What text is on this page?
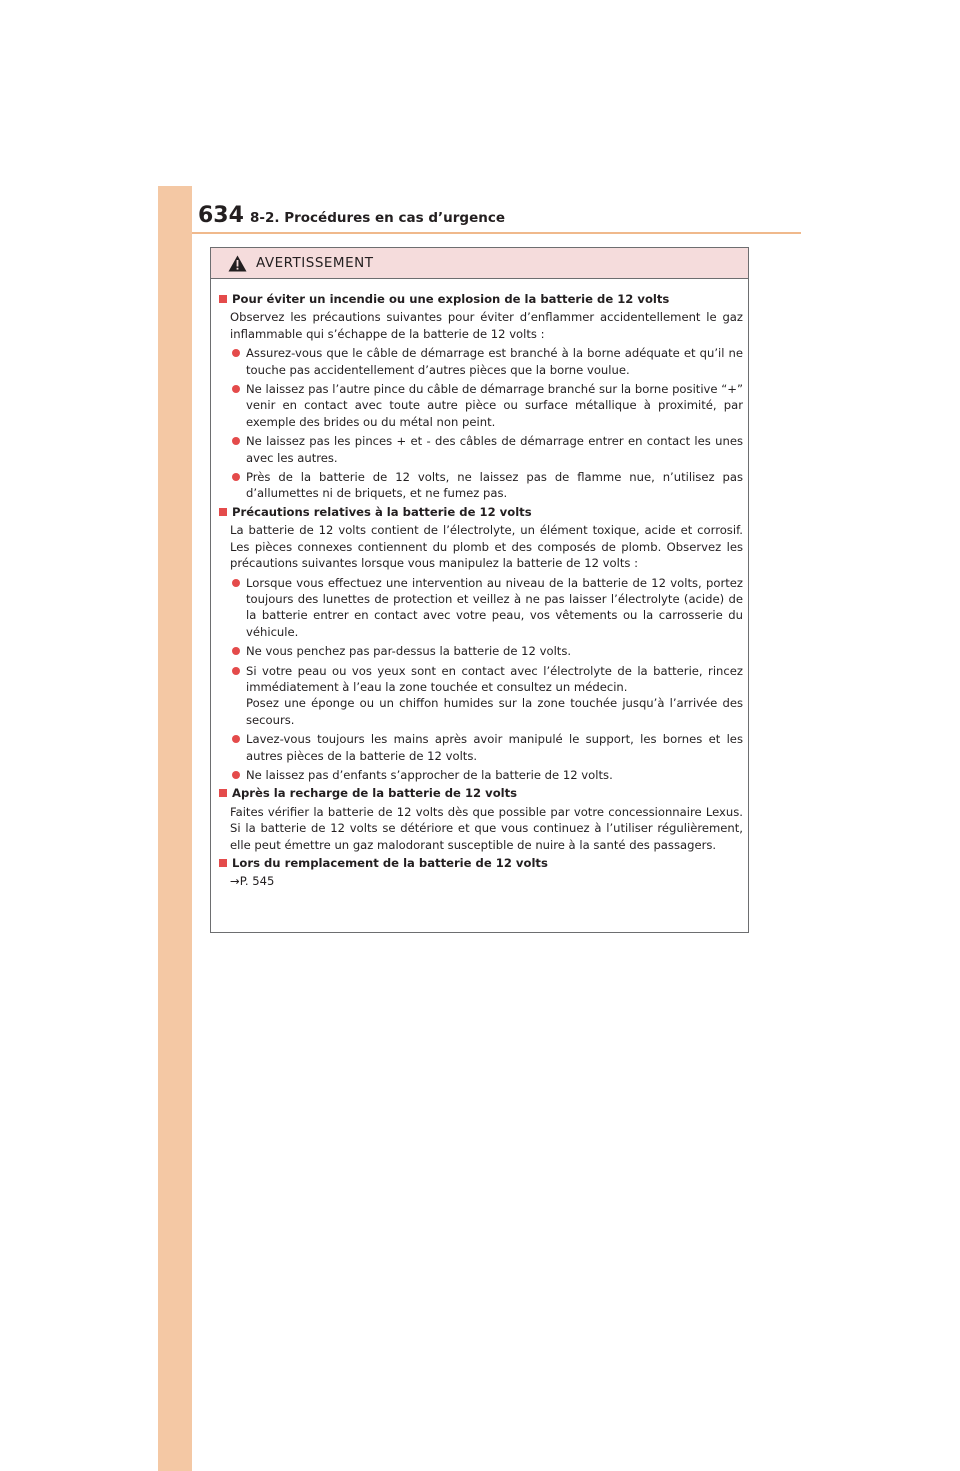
634 8-2. Procédures en cas d’urgence
AVERTISSEMENT
Pour éviter un incendie ou une explosion de la batterie de 12 volts
Observez les précautions suivantes pour éviter d’enflammer accidentellement le gaz inflammable qui s’échappe de la batterie de 12 volts :
Assurez-vous que le câble de démarrage est branché à la borne adéquate et qu’il ne touche pas accidentellement d’autres pièces que la borne voulue.
Ne laissez pas l’autre pince du câble de démarrage branché sur la borne positive “+” venir en contact avec toute autre pièce ou surface métallique à proximité, par exemple des brides ou du métal non peint.
Ne laissez pas les pinces + et - des câbles de démarrage entrer en contact les unes avec les autres.
Près de la batterie de 12 volts, ne laissez pas de flamme nue, n’utilisez pas d’allumettes ni de briquets, et ne fumez pas.
Précautions relatives à la batterie de 12 volts
La batterie de 12 volts contient de l’électrolyte, un élément toxique, acide et corrosif. Les pièces connexes contiennent du plomb et des composés de plomb. Observez les précautions suivantes lorsque vous manipulez la batterie de 12 volts :
Lorsque vous effectuez une intervention au niveau de la batterie de 12 volts, portez toujours des lunettes de protection et veillez à ne pas laisser l’électrolyte (acide) de la batterie entrer en contact avec votre peau, vos vêtements ou la carrosserie du véhicule.
Ne vous penchez pas par-dessus la batterie de 12 volts.
Si votre peau ou vos yeux sont en contact avec l’électrolyte de la batterie, rincez immédiatement à l’eau la zone touchée et consultez un médecin.
Posez une éponge ou un chiffon humides sur la zone touchée jusqu’à l’arrivée des secours.
Lavez-vous toujours les mains après avoir manipulé le support, les bornes et les autres pièces de la batterie de 12 volts.
Ne laissez pas d’enfants s’approcher de la batterie de 12 volts.
Après la recharge de la batterie de 12 volts
Faites vérifier la batterie de 12 volts dès que possible par votre concessionnaire Lexus. Si la batterie de 12 volts se détériore et que vous continuez à l’utiliser régulièrement, elle peut émettre un gaz malodorant susceptible de nuire à la santé des passagers.
Lors du remplacement de la batterie de 12 volts
→P. 545
